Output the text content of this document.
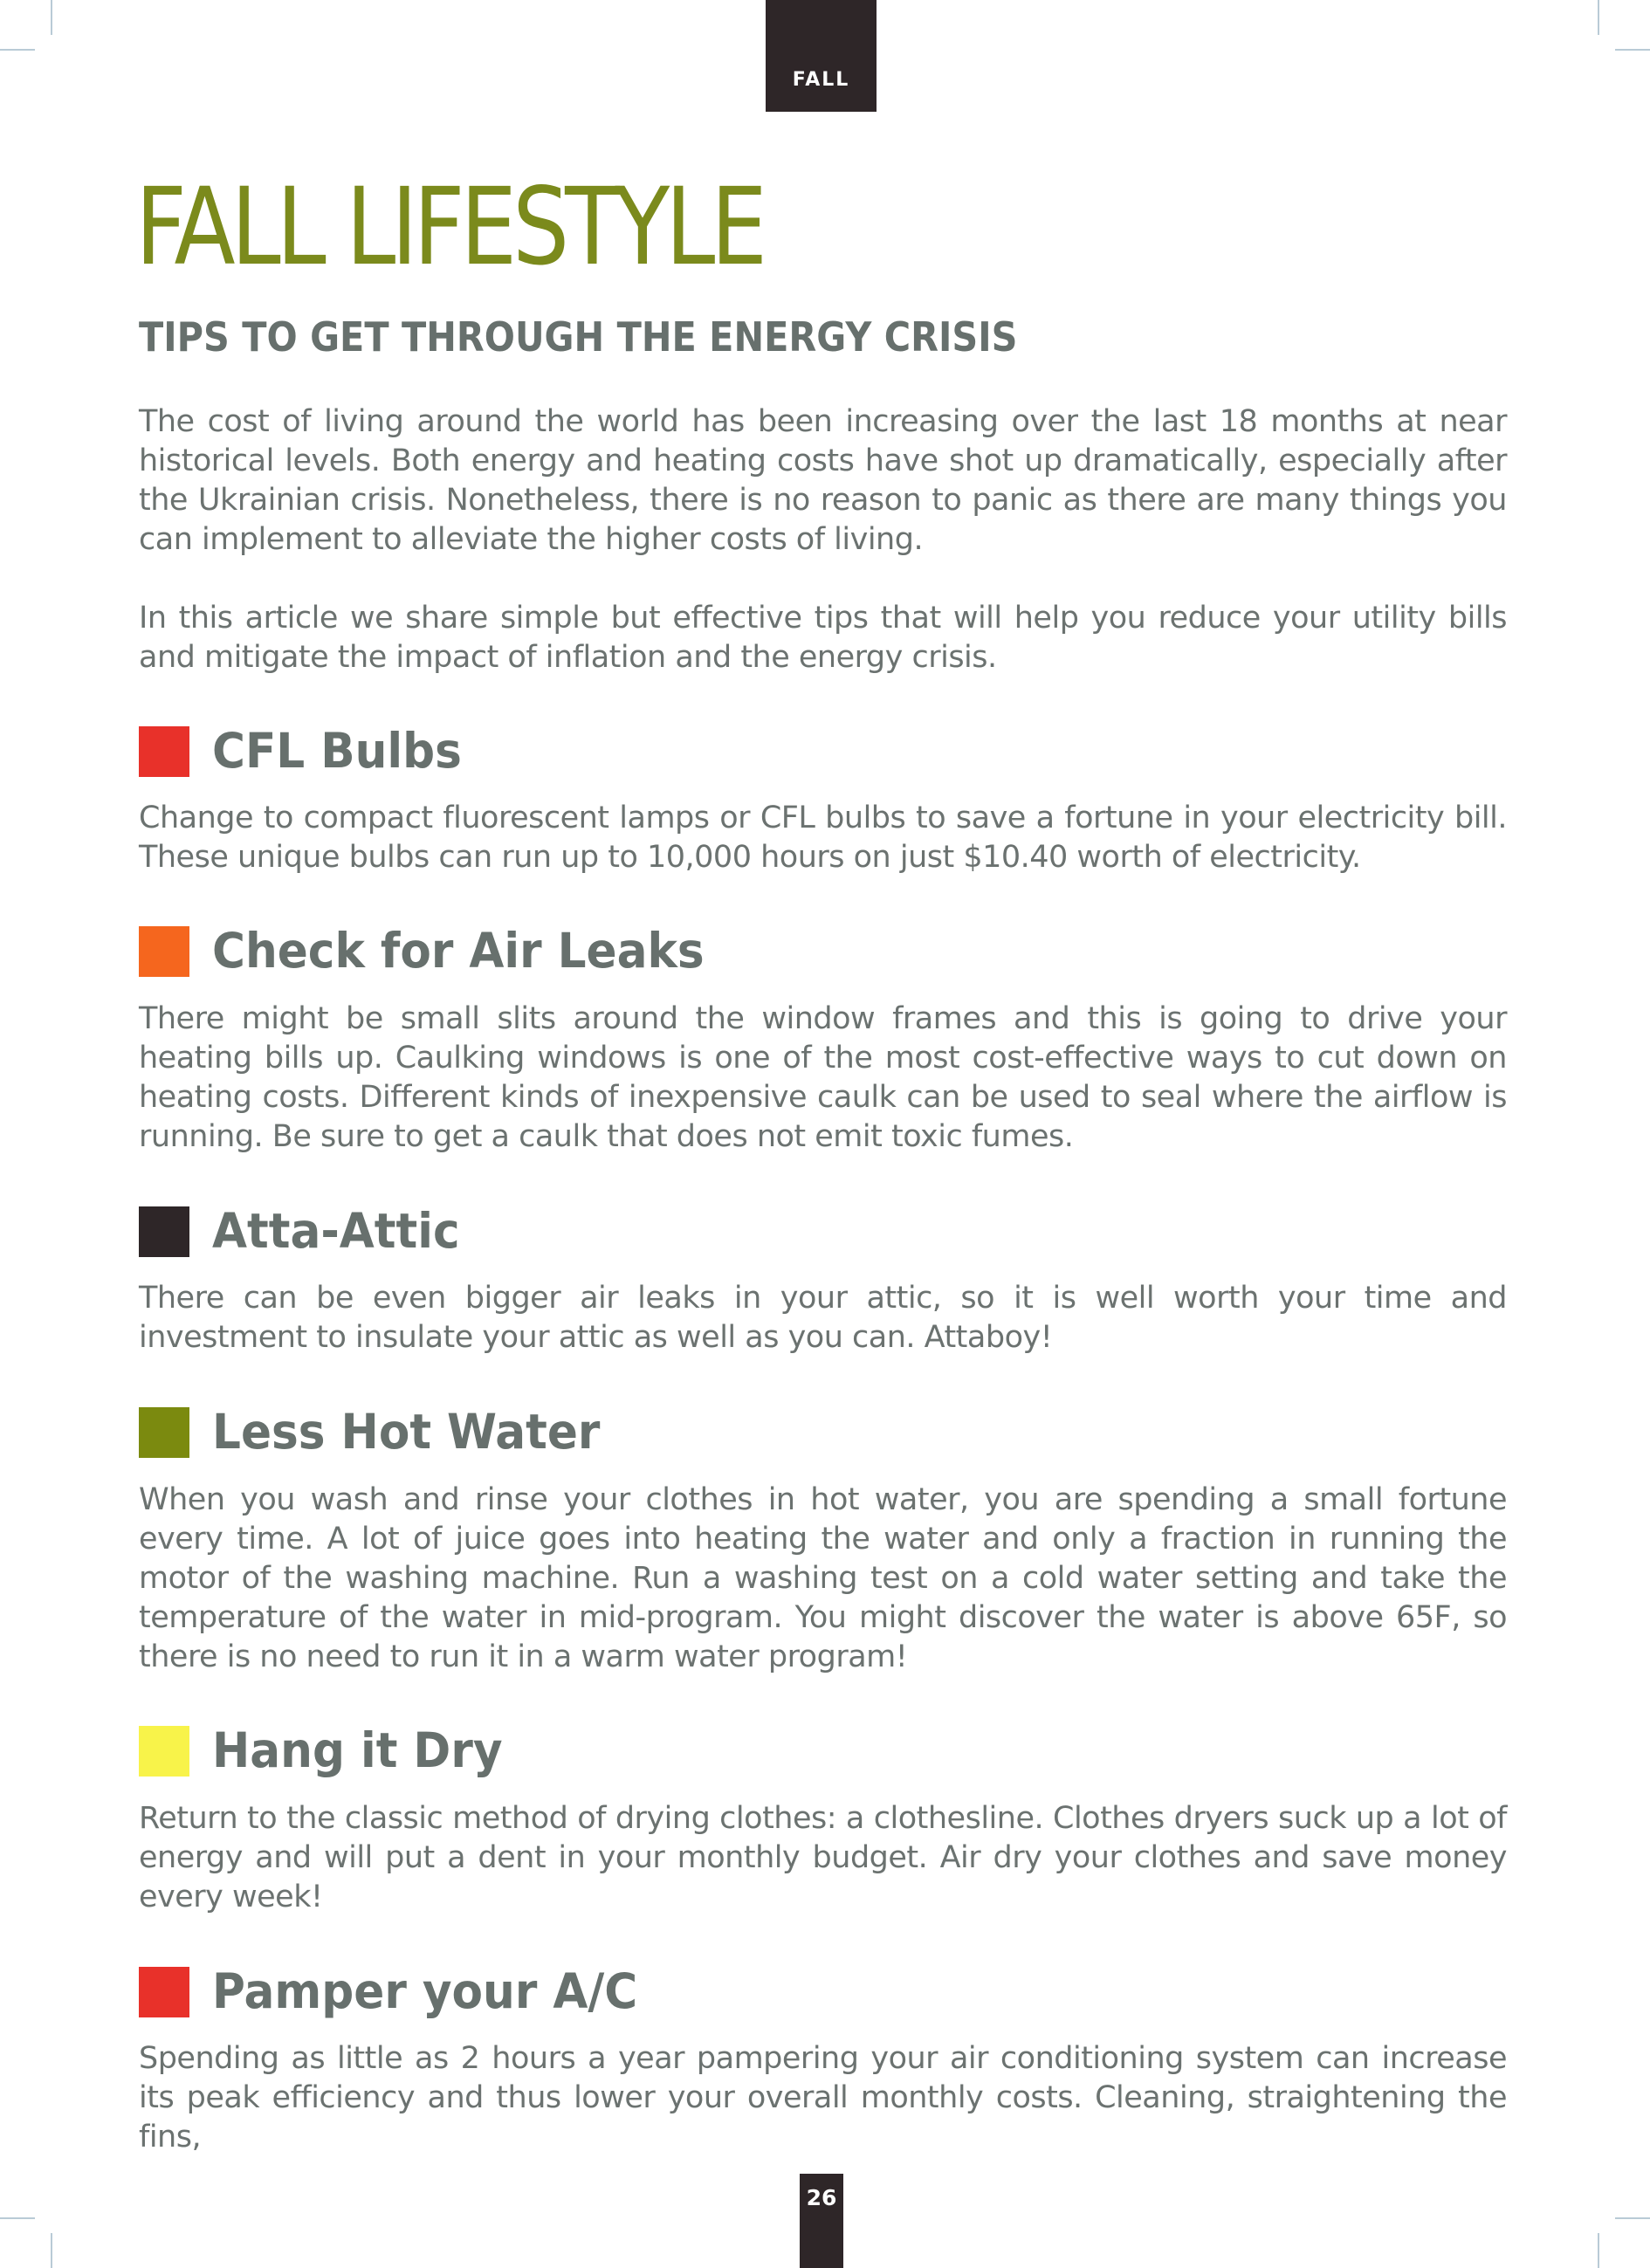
FALL
FALL LIFESTYLE
TIPS TO GET THROUGH THE ENERGY CRISIS

The cost of living around the world has been increasing over the last 18 months at near historical levels. Both energy and heating costs have shot up dramatically, especially after the Ukrainian crisis. Nonetheless, there is no reason to panic as there are many things you can implement to alleviate the higher costs of living.

In this article we share simple but effective tips that will help you reduce your utility bills and mitigate the impact of inflation and the energy crisis.

CFL Bulbs

Change to compact fluorescent lamps or CFL bulbs to save a fortune in your electricity bill. These unique bulbs can run up to 10,000 hours on just $10.40 worth of electricity.

Check for Air Leaks

There might be small slits around the window frames and this is going to drive your heating bills up. Caulking windows is one of the most cost-effective ways to cut down on heating costs. Different kinds of inexpensive caulk can be used to seal where the airflow is running. Be sure to get a caulk that does not emit toxic fumes.

Atta-Attic

There can be even bigger air leaks in your attic, so it is well worth your time and investment to insulate your attic as well as you can. Attaboy!

Less Hot Water

When you wash and rinse your clothes in hot water, you are spending a small fortune every time. A lot of juice goes into heating the water and only a fraction in running the motor of the washing machine. Run a washing test on a cold water setting and take the temperature of the water in mid-program. You might discover the water is above 65F, so there is no need to run it in a warm water program!

Hang it Dry

Return to the classic method of drying clothes: a clothesline. Clothes dryers suck up a lot of energy and will put a dent in your monthly budget. Air dry your clothes and save money every week!

Pamper your A/C

Spending as little as 2 hours a year pampering your air conditioning system can increase its peak efficiency and thus lower your overall monthly costs. Cleaning, straightening the fins,

26
